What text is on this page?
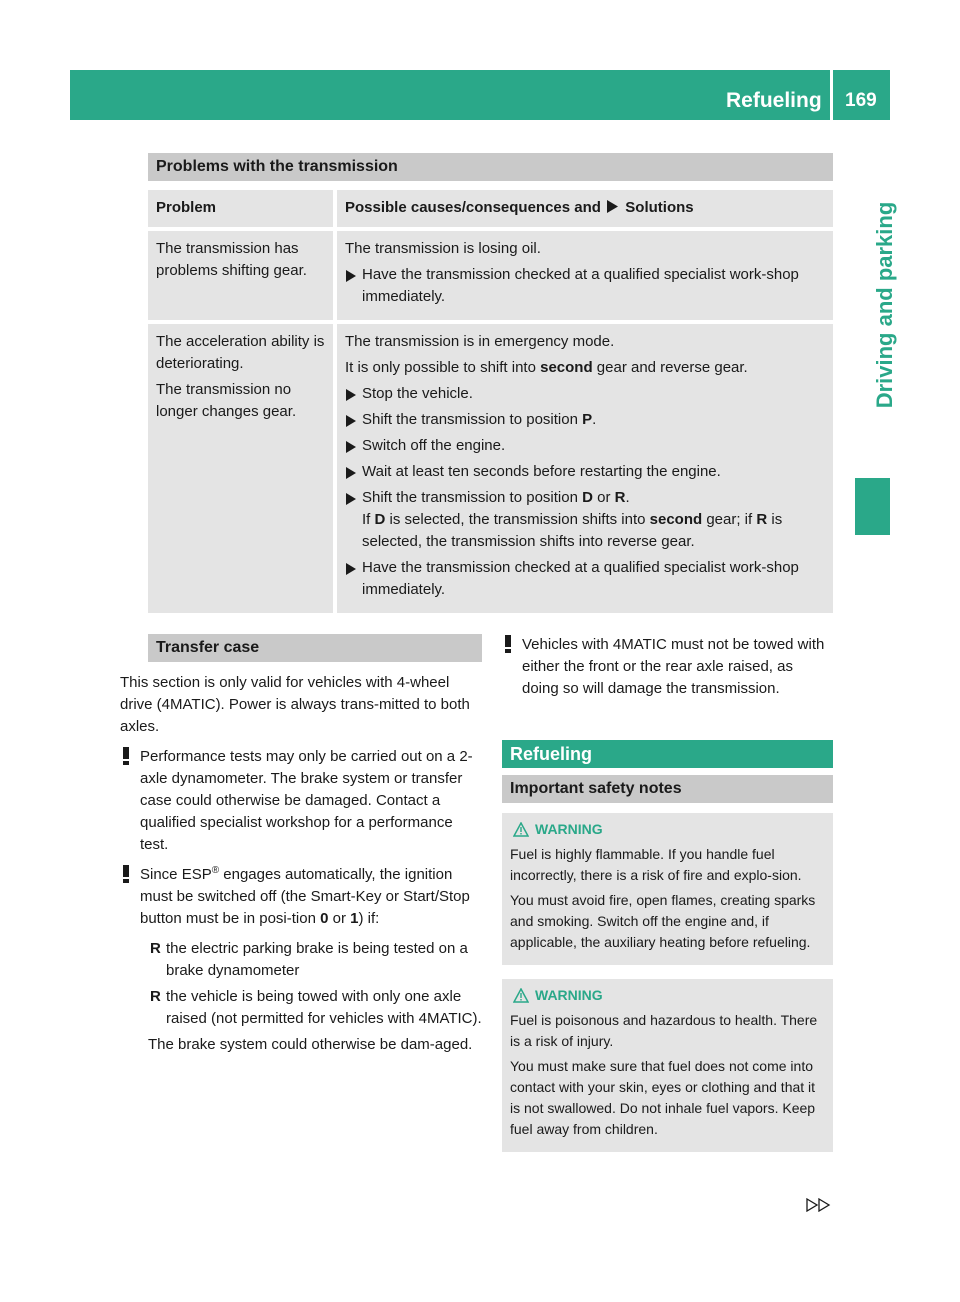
Refueling 169
Driving and parking
Problems with the transmission
Problem	Possible causes/consequences and Solutions

The transmission has problems shifting gear.

The transmission is losing oil.

Have the transmission checked at a qualified specialist work-shop immediately.

The acceleration ability is deteriorating.

The transmission no longer changes gear.

The transmission is in emergency mode.

It is only possible to shift into second gear and reverse gear.

Stop the vehicle.
Shift the transmission to position P.
Switch off the engine.
Wait at least ten seconds before restarting the engine.
Shift the transmission to position D or R.
If D is selected, the transmission shifts into second gear; if R is selected, the transmission shifts into reverse gear.
Have the transmission checked at a qualified specialist work-shop immediately.
Transfer case

This section is only valid for vehicles with 4-wheel drive (4MATIC). Power is always trans-mitted to both axles.

Performance tests may only be carried out on a 2-axle dynamometer. The brake system or transfer case could otherwise be damaged. Contact a qualified specialist workshop for a performance test.
Since ESP® engages automatically, the ignition must be switched off (the Smart-Key or Start/Stop button must be in posi-tion 0 or 1) if:
R the electric parking brake is being tested on a brake dynamometer
R the vehicle is being towed with only one axle raised (not permitted for vehicles with 4MATIC).

The brake system could otherwise be dam-aged.

Vehicles with 4MATIC must not be towed with either the front or the rear axle raised, as doing so will damage the transmission.
Refueling
Important safety notes
WARNING

Fuel is highly flammable. If you handle fuel incorrectly, there is a risk of fire and explo-sion.

You must avoid fire, open flames, creating sparks and smoking. Switch off the engine and, if applicable, the auxiliary heating before refueling.

WARNING

Fuel is poisonous and hazardous to health. There is a risk of injury.

You must make sure that fuel does not come into contact with your skin, eyes or clothing and that it is not swallowed. Do not inhale fuel vapors. Keep fuel away from children.
